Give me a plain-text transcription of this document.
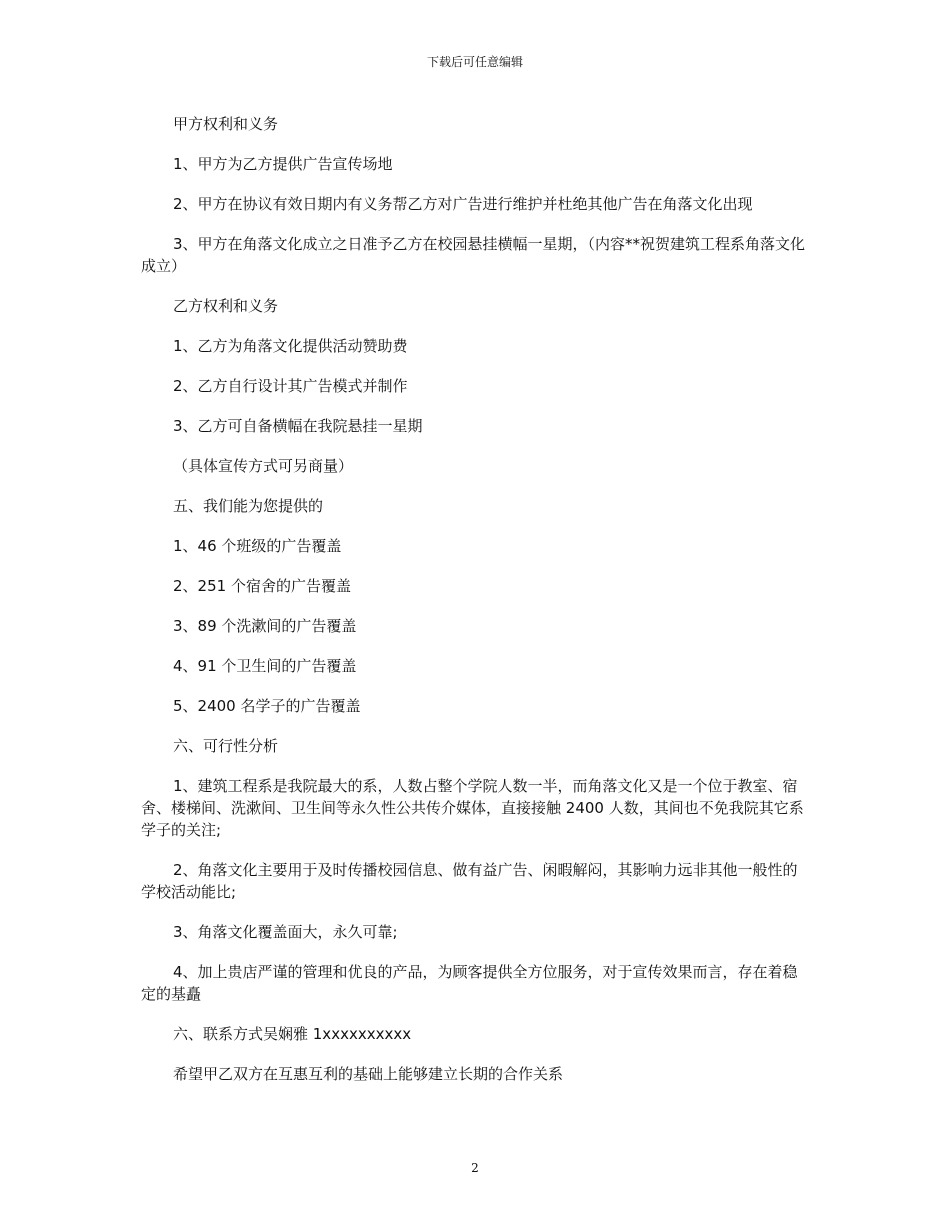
下载后可任意编辑

甲方权利和义务

1、甲方为乙方提供广告宣传场地

2、甲方在协议有效日期内有义务帮乙方对广告进行维护并杜绝其他广告在角落文化出现

3、甲方在角落文化成立之日准予乙方在校园悬挂横幅一星期，（内容**祝贺建筑工程系角落文化成立）

乙方权利和义务

1、乙方为角落文化提供活动赞助费

2、乙方自行设计其广告模式并制作

3、乙方可自备横幅在我院悬挂一星期

（具体宣传方式可另商量）

五、我们能为您提供的

1、46 个班级的广告覆盖

2、251 个宿舍的广告覆盖

3、89 个洗漱间的广告覆盖

4、91 个卫生间的广告覆盖

5、2400 名学子的广告覆盖

六、可行性分析

1、建筑工程系是我院最大的系，人数占整个学院人数一半，而角落文化又是一个位于教室、宿舍、楼梯间、洗漱间、卫生间等永久性公共传介媒体，直接接触 2400 人数，其间也不免我院其它系学子的关注;

2、角落文化主要用于及时传播校园信息、做有益广告、闲暇解闷，其影响力远非其他一般性的学校活动能比;

3、角落文化覆盖面大，永久可靠;

4、加上贵店严谨的管理和优良的产品，为顾客提供全方位服务，对于宣传效果而言，存在着稳定的基矗

六、联系方式吴娴雅 1xxxxxxxxxx

希望甲乙双方在互惠互利的基础上能够建立长期的合作关系

2
